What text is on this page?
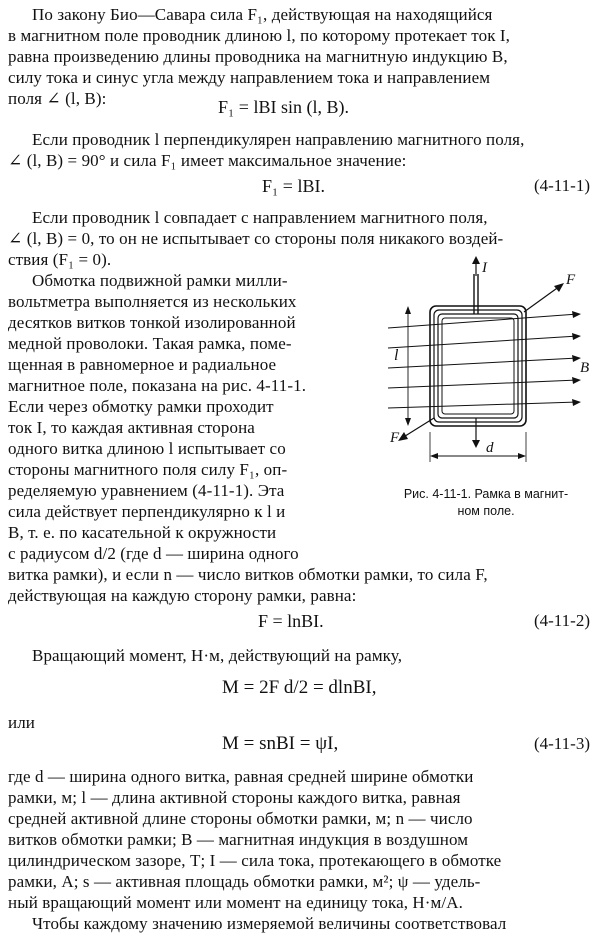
По закону Био—Савара сила F₁, действующая на находящийся
в магнитном поле проводник длиною l, по которому протекает ток I,
равна произведению длины проводника на магнитную индукцию B,
силу тока и синус угла между направлением тока и направлением
поля ∠ (l, B):	F₁ = lBI sin (l, B).
Если проводник l перпендикулярен направлению магнитного поля,
∠ (l, B) = 90° и сила F₁ имеет максимальное значение:
F₁ = lBI.	(4-11-1)
Если проводник l совпадает с направлением магнитного поля,
∠ (l, B) = 0, то он не испытывает со стороны поля никакого воздей-
ствия (F₁ = 0).
Обмотка подвижной рамки милли-
вольтметра выполняется из нескольких
десятков витков тонкой изолированной
медной проволоки. Такая рамка, поме-
щенная в равномерное и радиальное
магнитное поле, показана на рис. 4-11-1.
Если через обмотку рамки проходит
ток I, то каждая активная сторона
одного витка длиною l испытывает со
стороны магнитного поля силу F₁, оп-
ределяемую уравнением (4-11-1). Эта
сила действует перпендикулярно к l и
B, т. е. по касательной к окружности
с радиусом d/2 (где d — ширина одного
витка рамки), и если n — число витков обмотки рамки, то сила F,
действующая на каждую сторону рамки, равна:
F = lnBI.	(4-11-2)
Вращающий момент, Н·м, действующий на рамку,
M = 2F d/2 = dlnBI,
или
M = snBI = ψI,	(4-11-3)
где d — ширина одного витка, равная средней ширине обмотки
рамки, м; l — длина активной стороны каждого витка, равная
средней активной длине стороны обмотки рамки, м; n — число
витков обмотки рамки; B — магнитная индукция в воздушном
цилиндрическом зазоре, Т; I — сила тока, протекающего в обмотке
рамки, А; s — активная площадь обмотки рамки, м²; ψ — удель-
ный вращающий момент или момент на единицу тока, Н·м/А.
Чтобы каждому значению измеряемой величины соответствовал
I
F
B
F
l
d
Рис. 4-11-1. Рамка в магнит-
ном поле.
